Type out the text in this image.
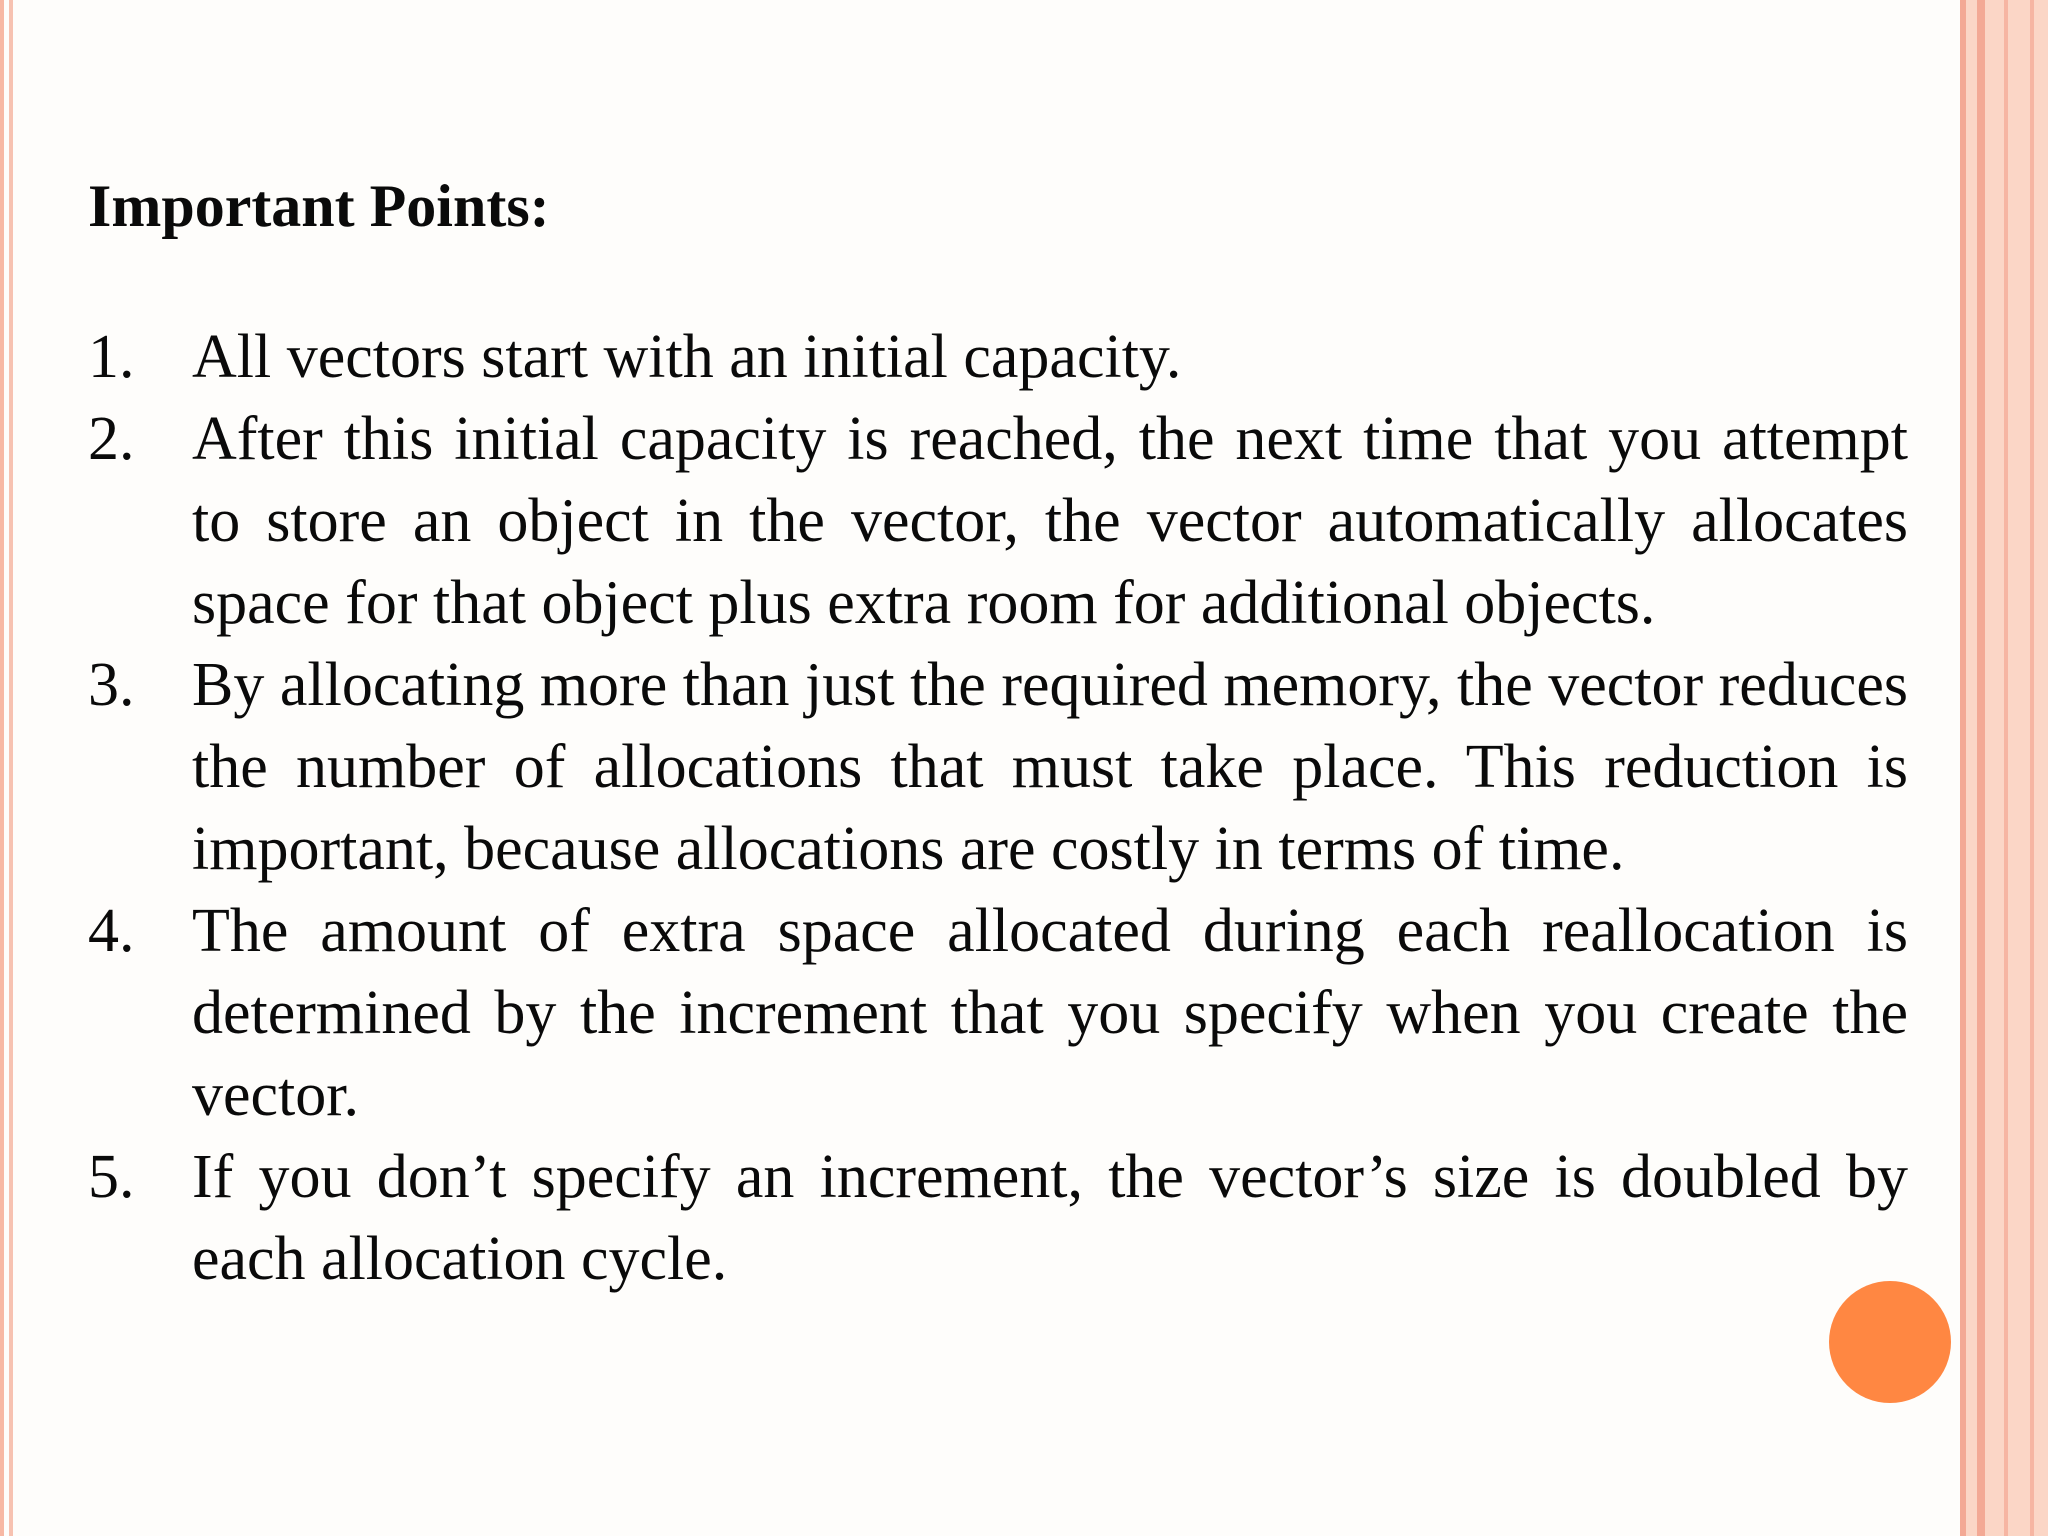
Important Points:
1. All vectors start with an initial capacity.
2. After this initial capacity is reached, the next time that you attempt to store an object in the vector, the vector automatically allocates space for that object plus extra room for additional objects.
3. By allocating more than just the required memory, the vector reduces the number of allocations that must take place. This reduction is important, because allocations are costly in terms of time.
4. The amount of extra space allocated during each reallocation is determined by the increment that you specify when you create the vector.
5. If you don’t specify an increment, the vector’s size is doubled by each allocation cycle.
